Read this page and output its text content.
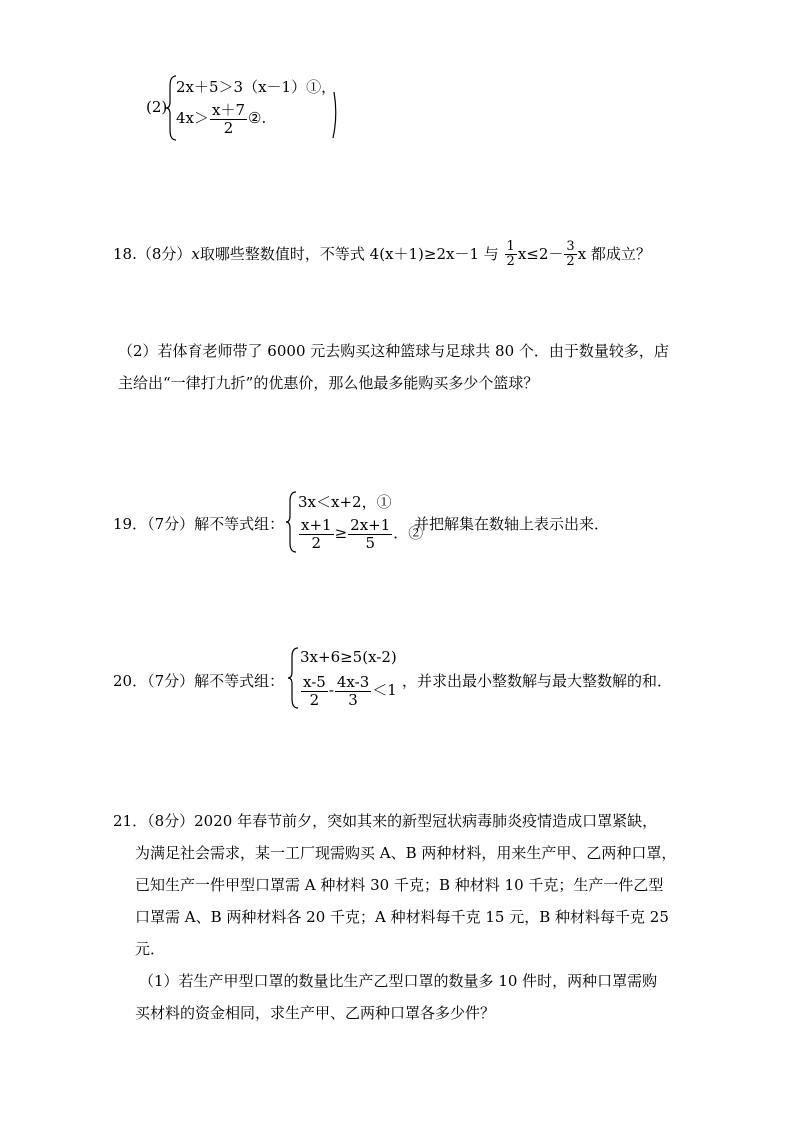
(2)
2x＋5＞3（x－1）①，
$4x> \frac{x+7}{2}$ ②.
18.（8分）x取哪些整数值时，不等式 4(x＋1)≥2x－1 与 $\frac{1}{2} x\le 2- \frac{3}{2}$ x 都成立？
（2）若体育老师带了 6000 元去购买这种篮球与足球共 80 个．由于数量较多，店
主给出“一律打九折”的优惠价，那么他最多能购买多少个篮球？
19．（7分）解不等式组：
3x＜x+2，①
$\frac{x+1}{2} \ge \frac{2x+1}{5}$ ．②
并把解集在数轴上表示出来．
20．（7分）解不等式组：
3x+6≥5(x-2)
$\frac{x-5}{2} - \frac{4x-3}{3} <1$ ，并求出最小整数解与最大整数解的和．
21．（8分）2020 年春节前夕，突如其来的新型冠状病毒肺炎疫情造成口罩紧缺，
为满足社会需求，某一工厂现需购买 A、B 两种材料，用来生产甲、乙两种口罩，
已知生产一件甲型口罩需 A 种材料 30 千克；B 种材料 10 千克；生产一件乙型
口罩需 A、B 两种材料各 20 千克；A 种材料每千克 15 元，B 种材料每千克 25
元．
（1）若生产甲型口罩的数量比生产乙型口罩的数量多 10 件时，两种口罩需购
买材料的资金相同，求生产甲、乙两种口罩各多少件？
